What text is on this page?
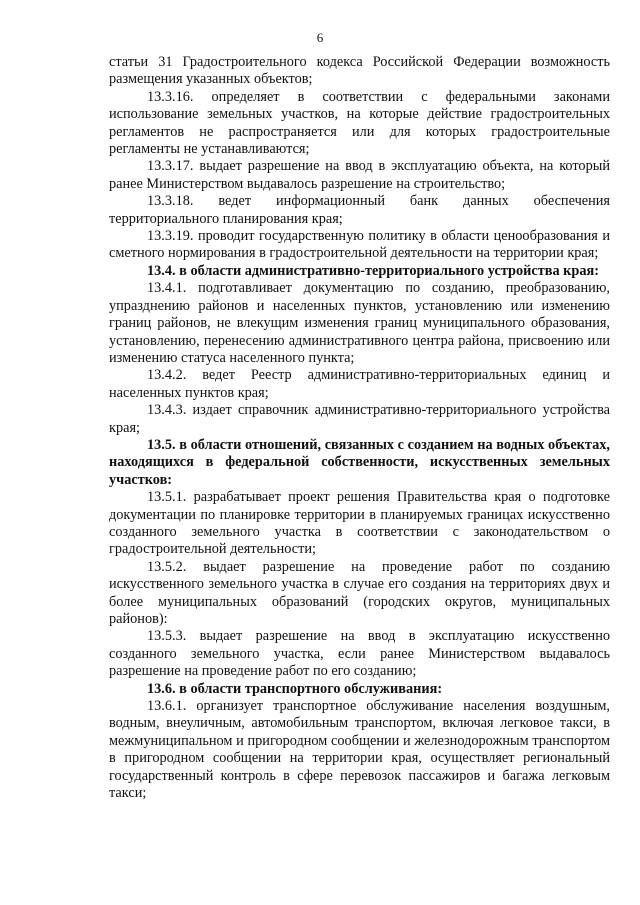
6

статьи 31 Градостроительного кодекса Российской Федерации возможность размещения указанных объектов;

13.3.16. определяет в соответствии с федеральными законами использование земельных участков, на которые действие градостроительных регламентов не распространяется или для которых градостроительные регламенты не устанавливаются;

13.3.17. выдает разрешение на ввод в эксплуатацию объекта, на который ранее Министерством выдавалось разрешение на строительство;

13.3.18. ведет информационный банк данных обеспечения территориального планирования края;

13.3.19. проводит государственную политику в области ценообразования и сметного нормирования в градостроительной деятельности на территории края;

13.4. в области административно-территориального устройства края:

13.4.1. подготавливает документацию по созданию, преобразованию, упразднению районов и населенных пунктов, установлению или изменению границ районов, не влекущим изменения границ муниципального образования, установлению, перенесению административного центра района, присвоению или изменению статуса населенного пункта;

13.4.2. ведет Реестр административно-территориальных единиц и населенных пунктов края;

13.4.3. издает справочник административно-территориального устройства края;

13.5. в области отношений, связанных с созданием на водных объектах, находящихся в федеральной собственности, искусственных земельных участков:

13.5.1. разрабатывает проект решения Правительства края о подготовке документации по планировке территории в планируемых границах искусственно созданного земельного участка в соответствии с законодательством о градостроительной деятельности;

13.5.2. выдает разрешение на проведение работ по созданию искусственного земельного участка в случае его создания на территориях двух и более муниципальных образований (городских округов, муниципальных районов):

13.5.3. выдает разрешение на ввод в эксплуатацию искусственно созданного земельного участка, если ранее Министерством выдавалось разрешение на проведение работ по его созданию;

13.6. в области транспортного обслуживания:

13.6.1. организует транспортное обслуживание населения воздушным, водным, внеуличным, автомобильным транспортом, включая легковое такси, в межмуниципальном и пригородном сообщении и железнодорожным транспортом в пригородном сообщении на территории края, осуществляет региональный государственный контроль в сфере перевозок пассажиров и багажа легковым такси;
